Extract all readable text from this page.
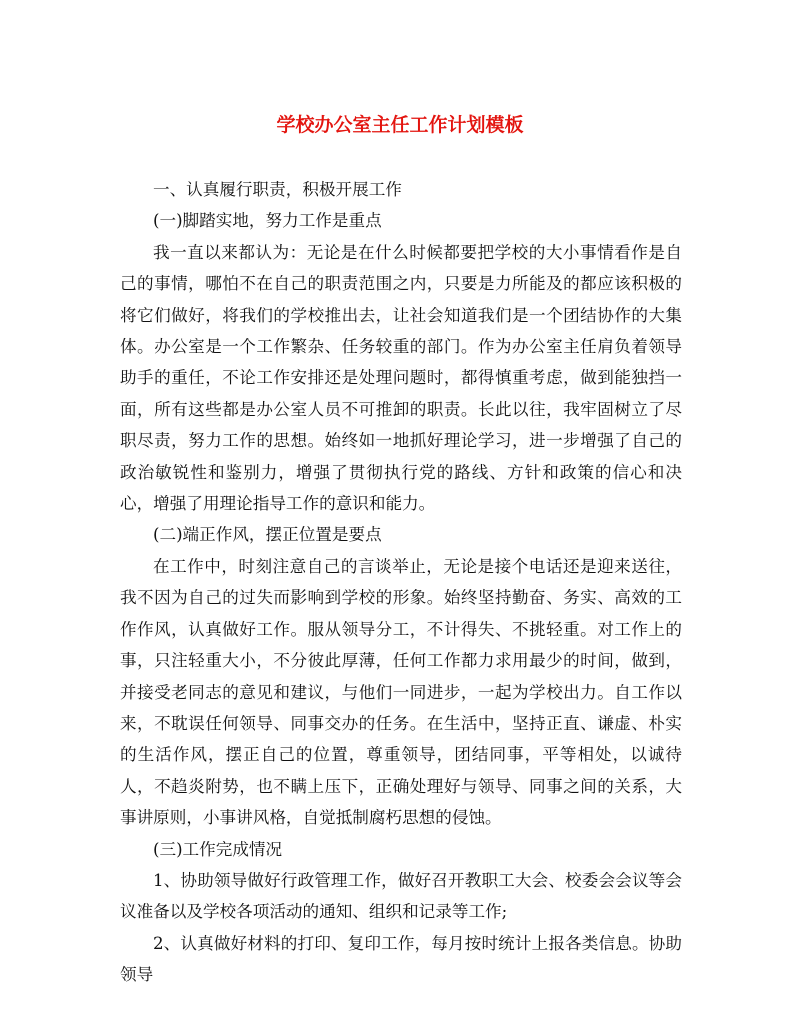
学校办公室主任工作计划模板

一、认真履行职责，积极开展工作

(一)脚踏实地，努力工作是重点

我一直以来都认为：无论是在什么时候都要把学校的大小事情看作是自己的事情，哪怕不在自己的职责范围之内，只要是力所能及的都应该积极的将它们做好，将我们的学校推出去，让社会知道我们是一个团结协作的大集体。办公室是一个工作繁杂、任务较重的部门。作为办公室主任肩负着领导助手的重任，不论工作安排还是处理问题时，都得慎重考虑，做到能独挡一面，所有这些都是办公室人员不可推卸的职责。长此以往，我牢固树立了尽职尽责，努力工作的思想。始终如一地抓好理论学习，进一步增强了自己的政治敏锐性和鉴别力，增强了贯彻执行党的路线、方针和政策的信心和决心，增强了用理论指导工作的意识和能力。

(二)端正作风，摆正位置是要点

在工作中，时刻注意自己的言谈举止，无论是接个电话还是迎来送往，我不因为自己的过失而影响到学校的形象。始终坚持勤奋、务实、高效的工作作风，认真做好工作。服从领导分工，不计得失、不挑轻重。对工作上的事，只注轻重大小，不分彼此厚薄，任何工作都力求用最少的时间，做到，并接受老同志的意见和建议，与他们一同进步，一起为学校出力。自工作以来，不耽误任何领导、同事交办的任务。在生活中，坚持正直、谦虚、朴实的生活作风，摆正自己的位置，尊重领导，团结同事，平等相处，以诚待人，不趋炎附势，也不瞒上压下，正确处理好与领导、同事之间的关系，大事讲原则，小事讲风格，自觉抵制腐朽思想的侵蚀。

(三)工作完成情况

1、协助领导做好行政管理工作，做好召开教职工大会、校委会会议等会议准备以及学校各项活动的通知、组织和记录等工作;

2、认真做好材料的打印、复印工作，每月按时统计上报各类信息。协助领导
